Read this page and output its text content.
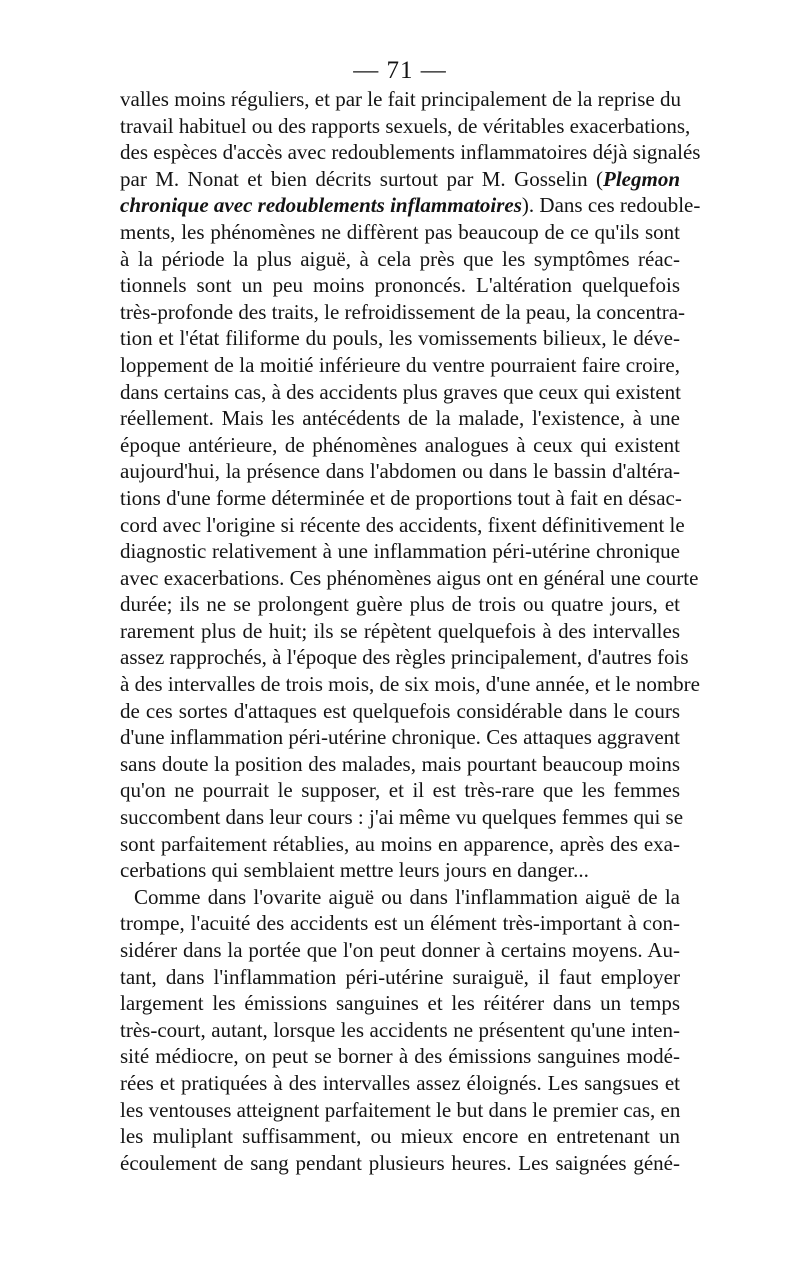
— 71 —
valles moins réguliers, et par le fait principalement de la reprise du
travail habituel ou des rapports sexuels, de véritables exacerbations,
des espèces d'accès avec redoublements inflammatoires déjà signalés
par M. Nonat et bien décrits surtout par M. Gosselin (Plegmon
chronique avec redoublements inflammatoires). Dans ces redouble-
ments, les phénomènes ne diffèrent pas beaucoup de ce qu'ils sont
à la période la plus aiguë, à cela près que les symptômes réac-
tionnels sont un peu moins prononcés. L'altération quelquefois
très-profonde des traits, le refroidissement de la peau, la concentra-
tion et l'état filiforme du pouls, les vomissements bilieux, le déve-
loppement de la moitié inférieure du ventre pourraient faire croire,
dans certains cas, à des accidents plus graves que ceux qui existent
réellement. Mais les antécédents de la malade, l'existence, à une
époque antérieure, de phénomènes analogues à ceux qui existent
aujourd'hui, la présence dans l'abdomen ou dans le bassin d'altéra-
tions d'une forme déterminée et de proportions tout à fait en désac-
cord avec l'origine si récente des accidents, fixent définitivement le
diagnostic relativement à une inflammation péri-utérine chronique
avec exacerbations. Ces phénomènes aigus ont en général une courte
durée; ils ne se prolongent guère plus de trois ou quatre jours, et
rarement plus de huit; ils se répètent quelquefois à des intervalles
assez rapprochés, à l'époque des règles principalement, d'autres fois
à des intervalles de trois mois, de six mois, d'une année, et le nombre
de ces sortes d'attaques est quelquefois considérable dans le cours
d'une inflammation péri-utérine chronique. Ces attaques aggravent
sans doute la position des malades, mais pourtant beaucoup moins
qu'on ne pourrait le supposer, et il est très-rare que les femmes
succombent dans leur cours : j'ai même vu quelques femmes qui se
sont parfaitement rétablies, au moins en apparence, après des exa-
cerbations qui semblaient mettre leurs jours en danger...
Comme dans l'ovarite aiguë ou dans l'inflammation aiguë de la
trompe, l'acuité des accidents est un élément très-important à con-
sidérer dans la portée que l'on peut donner à certains moyens. Au-
tant, dans l'inflammation péri-utérine suraiguë, il faut employer
largement les émissions sanguines et les réitérer dans un temps
très-court, autant, lorsque les accidents ne présentent qu'une inten-
sité médiocre, on peut se borner à des émissions sanguines modé-
rées et pratiquées à des intervalles assez éloignés. Les sangsues et
les ventouses atteignent parfaitement le but dans le premier cas, en
les muliplant suffisamment, ou mieux encore en entretenant un
écoulement de sang pendant plusieurs heures. Les saignées géné-
